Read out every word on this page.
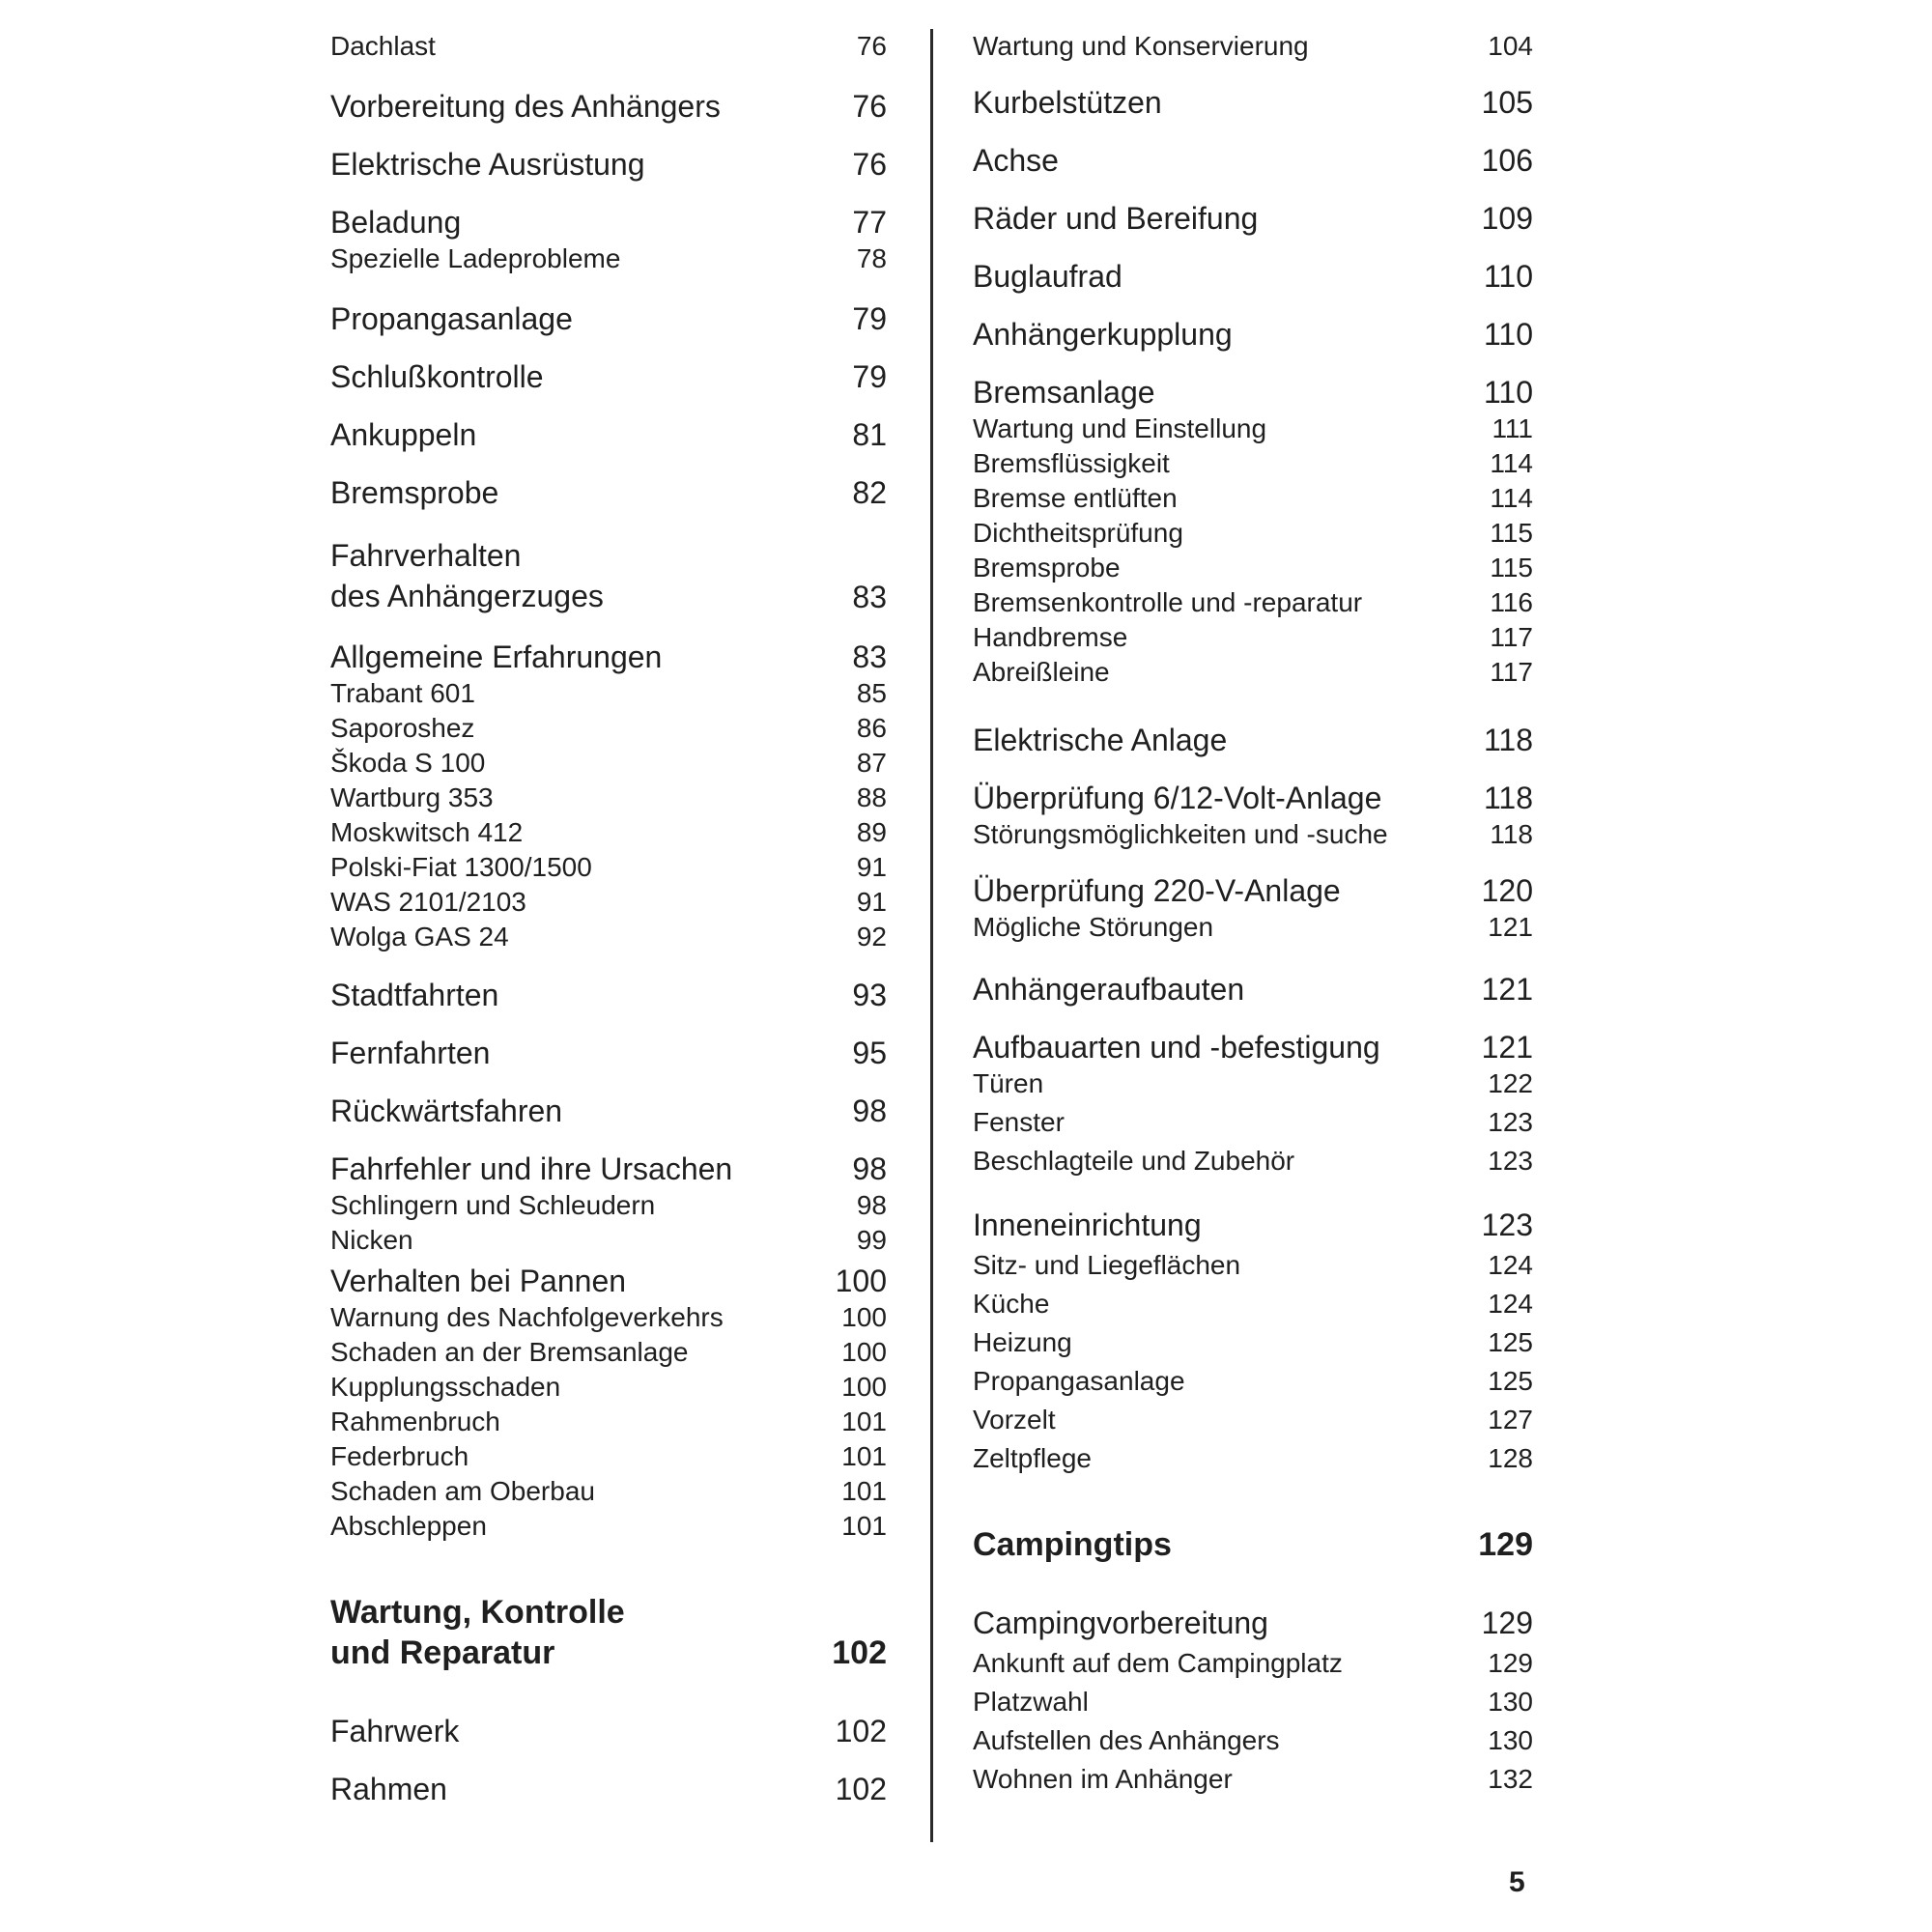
Dachlast	76
Vorbereitung des Anhängers	76
Elektrische Ausrüstung	76
Beladung	77
Spezielle Ladeprobleme	78
Propangasanlage	79
Schlußkontrolle	79
Ankuppeln	81
Bremsprobe	82
Fahrverhalten
des Anhängerzuges	83
Allgemeine Erfahrungen	83
Trabant 601	85
Saporoshez	86
Škoda S 100	87
Wartburg 353	88
Moskwitsch 412	89
Polski-Fiat 1300/1500	91
WAS 2101/2103	91
Wolga GAS 24	92
Stadtfahrten	93
Fernfahrten	95
Rückwärtsfahren	98
Fahrfehler und ihre Ursachen	98
Schlingern und Schleudern	98
Nicken	99
Verhalten bei Pannen	100
Warnung des Nachfolgeverkehrs	100
Schaden an der Bremsanlage	100
Kupplungsschaden	100
Rahmenbruch	101
Federbruch	101
Schaden am Oberbau	101
Abschleppen	101
Wartung, Kontrolle
und Reparatur	102
Fahrwerk	102
Rahmen	102
Wartung und Konservierung	104
Kurbelstützen	105
Achse	106
Räder und Bereifung	109
Buglaufrad	110
Anhängerkupplung	110
Bremsanlage	110
Wartung und Einstellung	111
Bremsflüssigkeit	114
Bremse entlüften	114
Dichtheitsprüfung	115
Bremsprobe	115
Bremsenkontrolle und -reparatur	116
Handbremse	117
Abreißleine	117
Elektrische Anlage	118
Überprüfung 6/12-Volt-Anlage	118
Störungsmöglichkeiten und -suche	118
Überprüfung 220-V-Anlage	120
Mögliche Störungen	121
Anhängeraufbauten	121
Aufbauarten und -befestigung	121
Türen	122
Fenster	123
Beschlagteile und Zubehör	123
Inneneinrichtung	123
Sitz- und Liegeflächen	124
Küche	124
Heizung	125
Propangasanlage	125
Vorzelt	127
Zeltpflege	128
Campingtips	129
Campingvorbereitung	129
Ankunft auf dem Campingplatz	129
Platzwahl	130
Aufstellen des Anhängers	130
Wohnen im Anhänger	132
5
